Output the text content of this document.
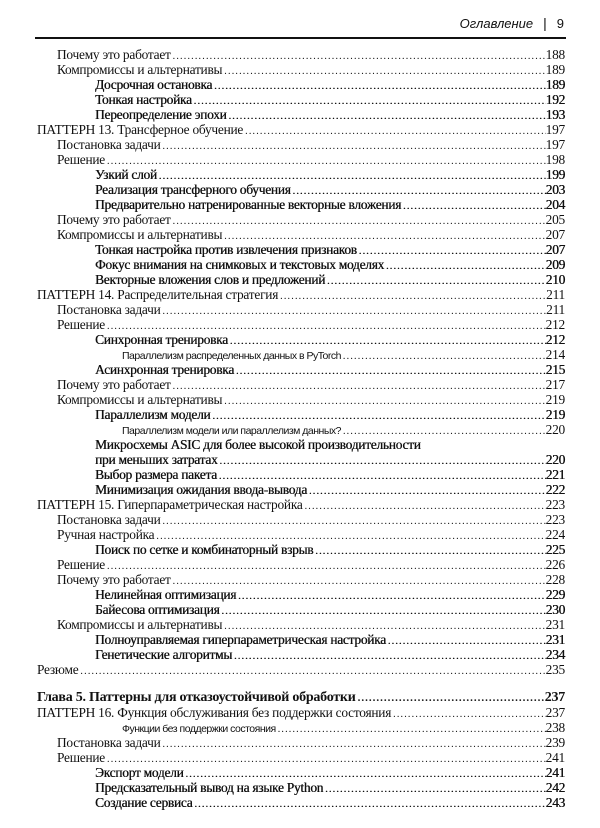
Оглавление | 9
Почему это работает .....	188
Компромиссы и альтернативы .....	189
Досрочная остановка .....	189
Тонкая настройка .....	192
Переопределение эпохи .....	193
ПАТТЕРН 13. Трансферное обучение .....	197
Постановка задачи .....	197
Решение .....	198
Узкий слой .....	199
Реализация трансферного обучения .....	203
Предварительно натренированные векторные вложения .....	204
Почему это работает .....	205
Компромиссы и альтернативы .....	207
Тонкая настройка против извлечения признаков .....	207
Фокус внимания на снимковых и текстовых моделях .....	209
Векторные вложения слов и предложений .....	210
ПАТТЕРН 14. Распределительная стратегия .....	211
Постановка задачи .....	211
Решение .....	212
Синхронная тренировка .....	212
Параллелизм распределенных данных в PyTorch .....	214
Асинхронная тренировка .....	215
Почему это работает .....	217
Компромиссы и альтернативы .....	219
Параллелизм модели .....	219
Параллелизм модели или параллелизм данных? .....	220
Микросхемы ASIC для более высокой производительности
при меньших затратах .....	220
Выбор размера пакета .....	221
Минимизация ожидания ввода-вывода .....	222
ПАТТЕРН 15. Гиперпараметрическая настройка .....	223
Постановка задачи .....	223
Ручная настройка .....	224
Поиск по сетке и комбинаторный взрыв .....	225
Решение .....	226
Почему это работает .....	228
Нелинейная оптимизация .....	229
Байесова оптимизация .....	230
Компромиссы и альтернативы .....	231
Полноуправляемая гиперпараметрическая настройка .....	231
Генетические алгоритмы .....	234
Резюме .....	235
Глава 5. Паттерны для отказоустойчивой обработки .....	237
ПАТТЕРН 16. Функция обслуживания без поддержки состояния .....	237
Функции без поддержки состояния .....	238
Постановка задачи .....	239
Решение .....	241
Экспорт модели .....	241
Предсказательный вывод на языке Python .....	242
Создание сервиса .....	243
